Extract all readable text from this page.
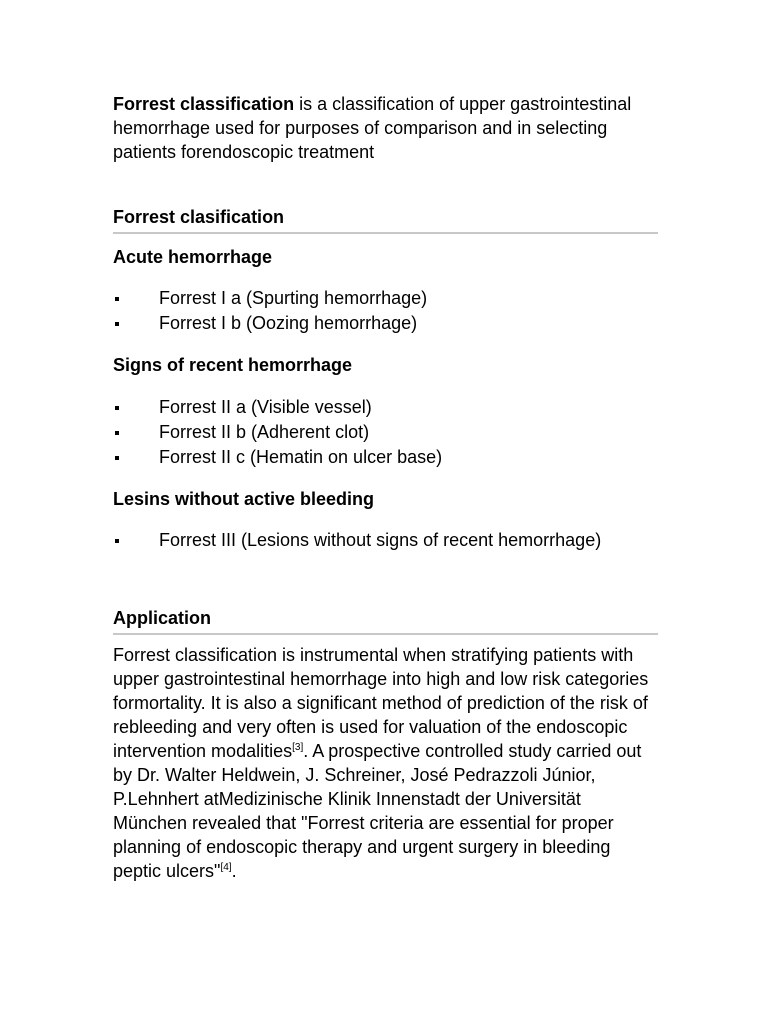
Forrest classification is a classification of upper gastrointestinal hemorrhage used for purposes of comparison and in selecting patients forendoscopic treatment

Forrest clasification
Acute hemorrhage
Forrest I a (Spurting hemorrhage)
Forrest I b (Oozing hemorrhage)
Signs of recent hemorrhage
Forrest II a (Visible vessel)
Forrest II b (Adherent clot)
Forrest II c (Hematin on ulcer base)
Lesins without active bleeding
Forrest III (Lesions without signs of recent hemorrhage)
Application

Forrest classification is instrumental when stratifying patients with upper gastrointestinal hemorrhage into high and low risk categories formortality. It is also a significant method of prediction of the risk of rebleeding and very often is used for valuation of the endoscopic intervention modalities[3]. A prospective controlled study carried out by Dr. Walter Heldwein, J. Schreiner, José Pedrazzoli Júnior, P.Lehnhert atMedizinische Klinik Innenstadt der Universität München revealed that "Forrest criteria are essential for proper planning of endoscopic therapy and urgent surgery in bleeding peptic ulcers"[4].
